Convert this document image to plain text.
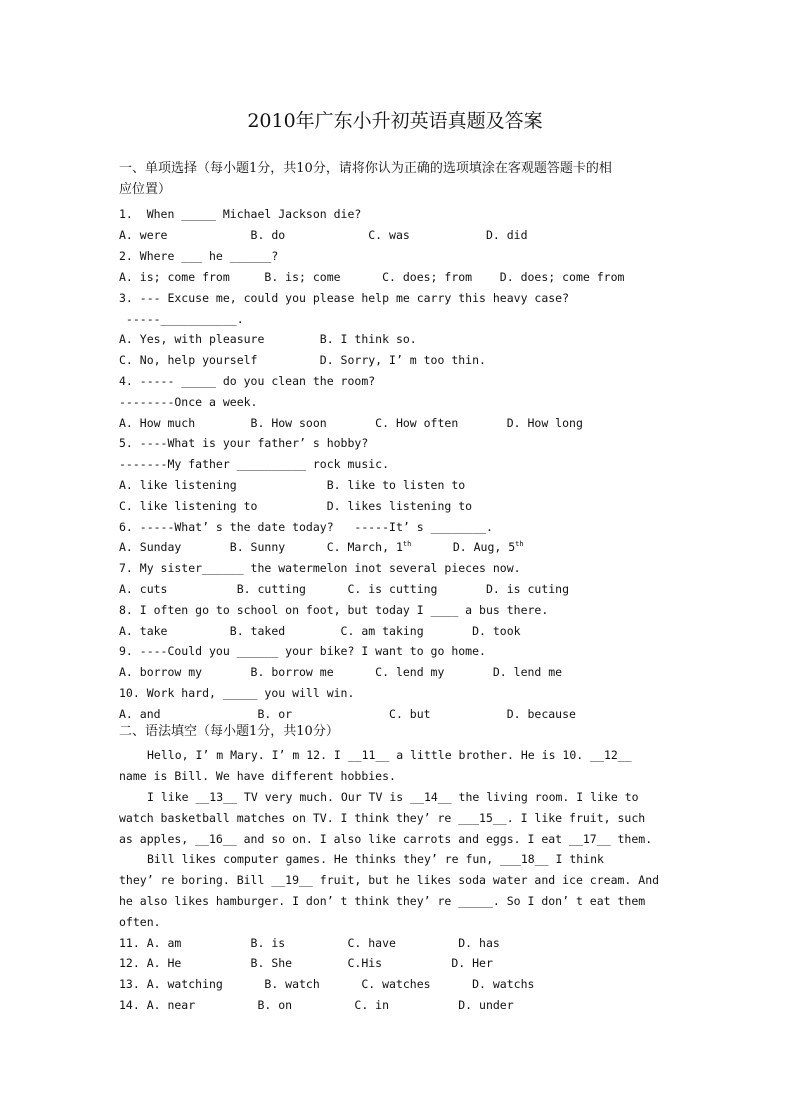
2010年广东小升初英语真题及答案
一、单项选择（每小题1分，共10分，请将你认为正确的选项填涂在客观题答题卡的相
应位置）
1.  When _____ Michael Jackson die?
A. were            B. do            C. was           D. did
2. Where ___ he ______?
A. is; come from     B. is; come      C. does; from    D. does; come from
3. --- Excuse me, could you please help me carry this heavy case?
-----___________.
A. Yes, with pleasure        B. I think so.
C. No, help yourself         D. Sorry, I’ m too thin.
4. ----- _____ do you clean the room?
--------Once a week.
A. How much        B. How soon       C. How often       D. How long
5. ----What is your father’ s hobby?
-------My father __________ rock music.
A. like listening             B. like to listen to
C. like listening to          D. likes listening to
6. -----What’ s the date today?   -----It’ s ________.
A. Sunday       B. Sunny      C. March, 1th      D. Aug, 5th
7. My sister______ the watermelon inot several pieces now.
A. cuts          B. cutting      C. is cutting       D. is cuting
8. I often go to school on foot, but today I ____ a bus there.
A. take         B. taked        C. am taking       D. took
9. ----Could you ______ your bike? I want to go home.
A. borrow my       B. borrow me      C. lend my       D. lend me
10. Work hard, _____ you will win.
A. and              B. or              C. but           D. because
二、语法填空（每小题1分，共10分）
Hello, I’ m Mary. I’ m 12. I __11__ a little brother. He is 10. __12__
name is Bill. We have different hobbies.
I like __13__ TV very much. Our TV is __14__ the living room. I like to
watch basketball matches on TV. I think they’ re ___15__. I like fruit, such
as apples, __16__ and so on. I also like carrots and eggs. I eat __17__ them.
Bill likes computer games. He thinks they’ re fun, ___18__ I think
they’ re boring. Bill __19__ fruit, but he likes soda water and ice cream. And
he also likes hamburger. I don’ t think they’ re _____. So I don’ t eat them
often.
11. A. am          B. is         C. have         D. has
12. A. He          B. She        C.His          D. Her
13. A. watching      B. watch      C. watches      D. watchs
14. A. near         B. on         C. in          D. under
